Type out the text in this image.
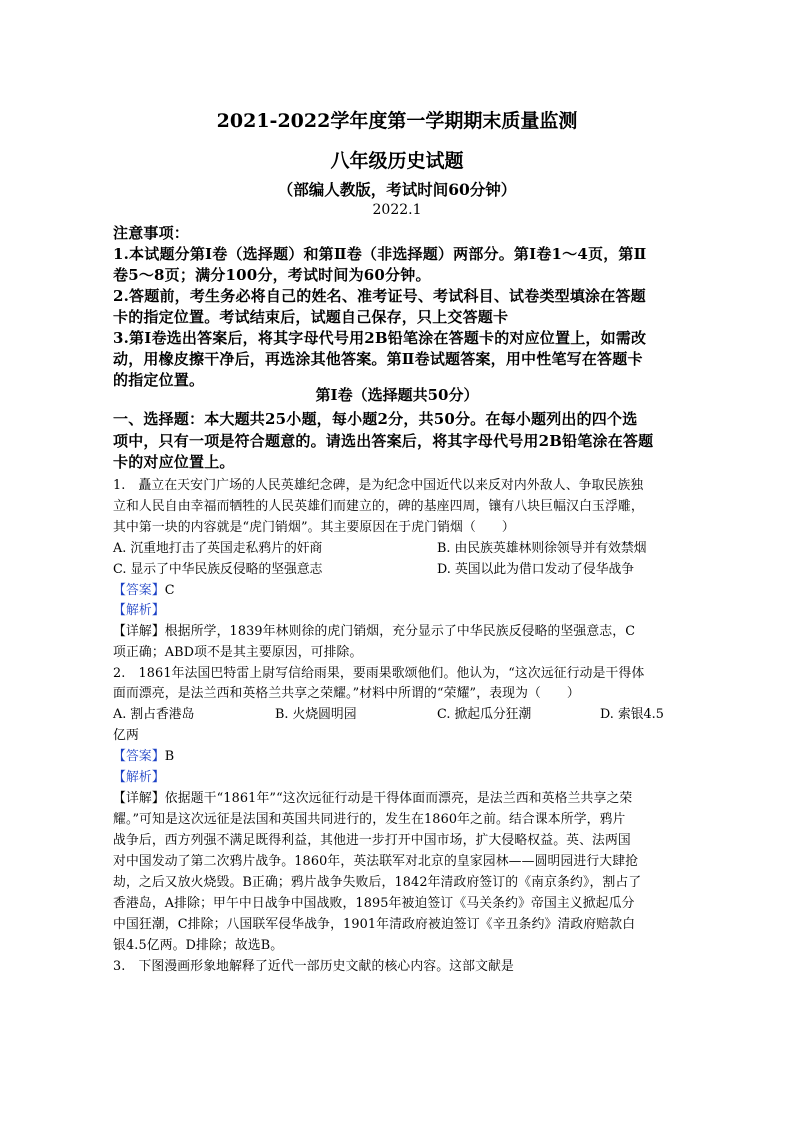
2021-2022学年度第一学期期末质量监测
八年级历史试题
（部编人教版，考试时间60分钟）
2022.1
注意事项：
1.本试题分第Ⅰ卷（选择题）和第Ⅱ卷（非选择题）两部分。第Ⅰ卷1～4页，第Ⅱ
卷5～8页；满分100分，考试时间为60分钟。
2.答题前，考生务必将自己的姓名、准考证号、考试科目、试卷类型填涂在答题
卡的指定位置。考试结束后，试题自己保存，只上交答题卡
3.第Ⅰ卷选出答案后，将其字母代号用2B铅笔涂在答题卡的对应位置上，如需改
动，用橡皮擦干净后，再选涂其他答案。第Ⅱ卷试题答案，用中性笔写在答题卡
的指定位置。
第Ⅰ卷（选择题共50分）
一、选择题：本大题共25小题，每小题2分，共50分。在每小题列出的四个选
项中，只有一项是符合题意的。请选出答案后，将其字母代号用2B铅笔涂在答题
卡的对应位置上。
1.　矗立在天安门广场的人民英雄纪念碑，是为纪念中国近代以来反对内外敌人、争取民族独
立和人民自由幸福而牺牲的人民英雄们而建立的，碑的基座四周，镶有八块巨幅汉白玉浮雕，
其中第一块的内容就是“虎门销烟”。其主要原因在于虎门销烟（　　）
A. 沉重地打击了英国走私鸦片的奸商	B. 由民族英雄林则徐领导并有效禁烟
C. 显示了中华民族反侵略的坚强意志	D. 英国以此为借口发动了侵华战争
【答案】C
【解析】
【详解】根据所学，1839年林则徐的虎门销烟，充分显示了中华民族反侵略的坚强意志，C
项正确；ABD项不是其主要原因，可排除。
2.　1861年法国巴特雷上尉写信给雨果，要雨果歌颂他们。他认为，“这次远征行动是干得体
面而漂亮，是法兰西和英格兰共享之荣耀。”材料中所谓的“荣耀”，表现为（　　）
A. 割占香港岛	B. 火烧圆明园	C. 掀起瓜分狂潮	D. 索银4.5
亿两
【答案】B
【解析】
【详解】依据题干“1861年”“这次远征行动是干得体面而漂亮，是法兰西和英格兰共享之荣
耀。”可知是这次远征是法国和英国共同进行的，发生在1860年之前。结合课本所学，鸦片
战争后，西方列强不满足既得利益，其他进一步打开中国市场，扩大侵略权益。英、法两国
对中国发动了第二次鸦片战争。1860年，英法联军对北京的皇家园林——圆明园进行大肆抢
劫，之后又放火烧毁。B正确；鸦片战争失败后，1842年清政府签订的《南京条约》，割占了
香港岛，A排除；甲午中日战争中国战败，1895年被迫签订《马关条约》帝国主义掀起瓜分
中国狂潮，C排除；八国联军侵华战争，1901年清政府被迫签订《辛丑条约》清政府赔款白
银4.5亿两。D排除；故选B。
3.　下图漫画形象地解释了近代一部历史文献的核心内容。这部文献是
